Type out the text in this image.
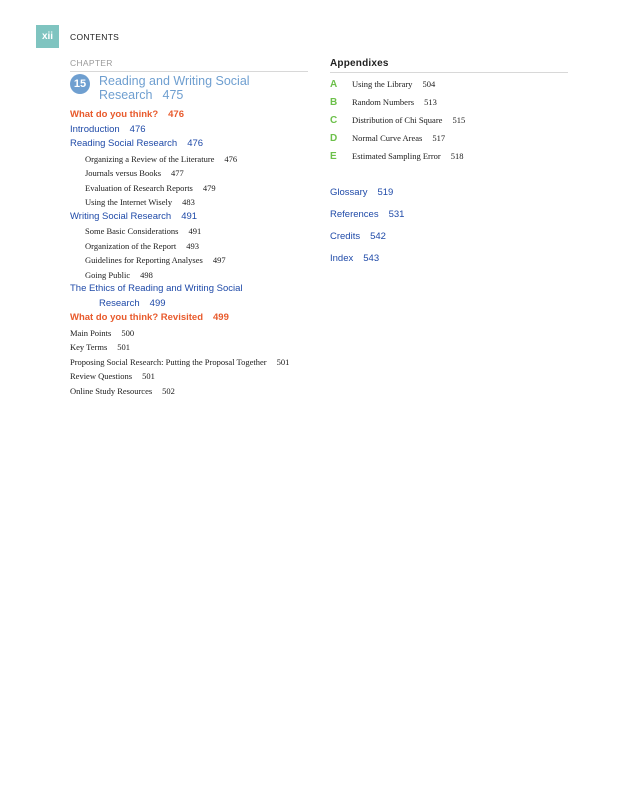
xii	CONTENTS
CHAPTER
15	Reading and Writing Social Research 475
What do you think? 476
Introduction 476
Reading Social Research 476
Organizing a Review of the Literature 476
Journals versus Books 477
Evaluation of Research Reports 479
Using the Internet Wisely 483
Writing Social Research 491
Some Basic Considerations 491
Organization of the Report 493
Guidelines for Reporting Analyses 497
Going Public 498
The Ethics of Reading and Writing Social Research 499
What do you think? Revisited 499
Main Points 500
Key Terms 501
Proposing Social Research: Putting the Proposal Together 501
Review Questions 501
Online Study Resources 502
Appendixes
A	Using the Library 504
B	Random Numbers 513
C	Distribution of Chi Square 515
D	Normal Curve Areas 517
E	Estimated Sampling Error 518
Glossary 519
References 531
Credits 542
Index 543
